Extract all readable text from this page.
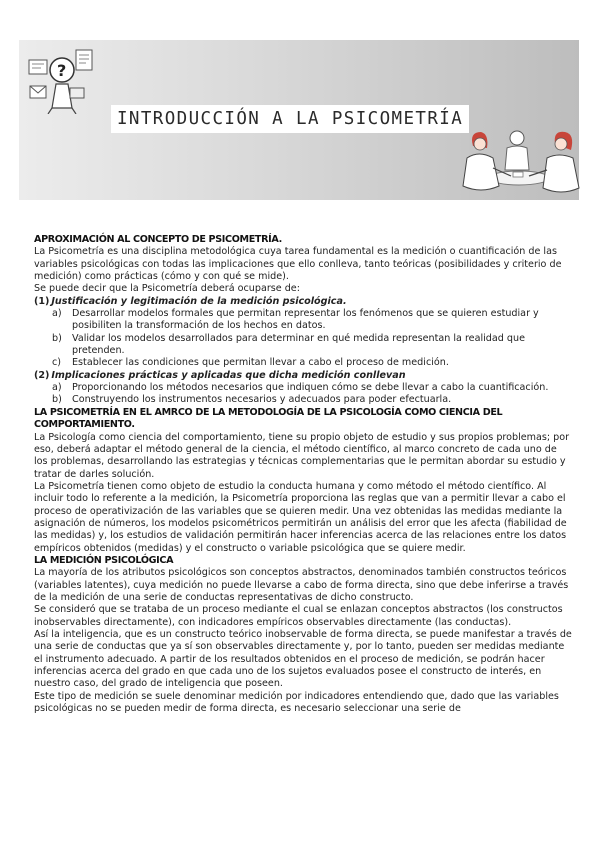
?
INTRODUCCIÓN A LA PSICOMETRÍA

APROXIMACIÓN AL CONCEPTO DE PSICOMETRÍA.

La Psicometría es una disciplina metodológica cuya tarea fundamental es la medición o cuantificación de las variables psicológicas con todas las implicaciones que ello conlleva, tanto teóricas (posibilidades y criterio de medición) como prácticas (cómo y con qué se mide).

Se puede decir que la Psicometría deberá ocuparse de:

(1) Justificación y legitimación de la medición psicológica.

a) Desarrollar modelos formales que permitan representar los fenómenos que se quieren estudiar y posibiliten la transformación de los hechos en datos.

b) Validar los modelos desarrollados para determinar en qué medida representan la realidad que pretenden.

c) Establecer las condiciones que permitan llevar a cabo el proceso de medición.

(2) Implicaciones prácticas y aplicadas que dicha medición conllevan

a) Proporcionando los métodos necesarios que indiquen cómo se debe llevar a cabo la cuantificación.

b) Construyendo los instrumentos necesarios y adecuados para poder efectuarla.

LA PSICOMETRÍA EN EL AMRCO DE LA METODOLOGÍA DE LA PSICOLOGÍA COMO CIENCIA DEL COMPORTAMIENTO.

La Psicología como ciencia del comportamiento, tiene su propio objeto de estudio y sus propios problemas; por eso, deberá adaptar el método general de la ciencia, el método científico, al marco concreto de cada uno de los problemas, desarrollando las estrategias y técnicas complementarias que le permitan abordar su estudio y tratar de darles solución.

La Psicometría tienen como objeto de estudio la conducta humana y como método el método científico. Al incluir todo lo referente a la medición, la Psicometría proporciona las reglas que van a permitir llevar a cabo el proceso de operativización de las variables que se quieren medir. Una vez obtenidas las medidas mediante la asignación de números, los modelos psicométricos permitirán un análisis del error que les afecta (fiabilidad de las medidas) y, los estudios de validación permitirán hacer inferencias acerca de las relaciones entre los datos empíricos obtenidos (medidas) y el constructo o variable psicológica que se quiere medir.

LA MEDICIÓN PSICOLÓGICA

La mayoría de los atributos psicológicos son conceptos abstractos, denominados también constructos teóricos (variables latentes), cuya medición no puede llevarse a cabo de forma directa, sino que debe inferirse a través de la medición de una serie de conductas representativas de dicho constructo.

Se consideró que se trataba de un proceso mediante el cual se enlazan conceptos abstractos (los constructos inobservables directamente), con indicadores empíricos observables directamente (las conductas).

Así la inteligencia, que es un constructo teórico inobservable de forma directa, se puede manifestar a través de una serie de conductas que ya sí son observables directamente y, por lo tanto, pueden ser medidas mediante el instrumento adecuado. A partir de los resultados obtenidos en el proceso de medición, se podrán hacer inferencias acerca del grado en que cada uno de los sujetos evaluados posee el constructo de interés, en nuestro caso, del grado de inteligencia que poseen.

Este tipo de medición se suele denominar medición por indicadores entendiendo que, dado que las variables psicológicas no se pueden medir de forma directa, es necesario seleccionar una serie de
